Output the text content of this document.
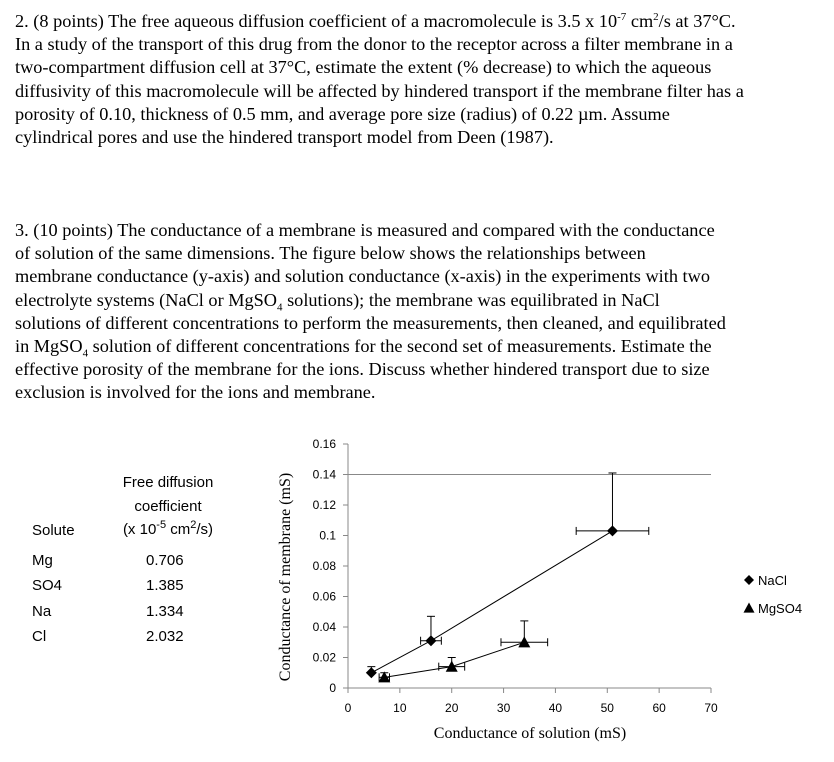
2. (8 points) The free aqueous diffusion coefficient of a macromolecule is 3.5 x $10^{-7}$ $cm^2/s$ at 37°C.

In a study of the transport of this drug from the donor to the receptor across a filter membrane in a

two-compartment diffusion cell at 37°C, estimate the extent (% decrease) to which the aqueous

diffusivity of this macromolecule will be affected by hindered transport if the membrane filter has a

porosity of 0.10, thickness of 0.5 mm, and average pore size (radius) of 0.22 µm. Assume

cylindrical pores and use the hindered transport model from Deen (1987).

3. (10 points) The conductance of a membrane is measured and compared with the conductance

of solution of the same dimensions. The figure below shows the relationships between

membrane conductance (y-axis) and solution conductance (x-axis) in the experiments with two

electrolyte systems (NaCl or MgSO$_4$ solutions); the membrane was equilibrated in NaCl

solutions of different concentrations to perform the measurements, then cleaned, and equilibrated

in MgSO$_4$ solution of different concentrations for the second set of measurements. Estimate the

effective porosity of the membrane for the ions. Discuss whether hindered transport due to size

exclusion is involved for the ions and membrane.

Free diffusion
coefficient
(x $10^{-5}$ $cm^2/s$)
Solute
Mg	0.706
SO4	1.385
Na	1.334
Cl	2.032
0
0.02
0.04
0.06
0.08
0.1
0.12
0.14
0.16
0	10	20	30	40	50	60	70
NaCl
MgSO4
Conductance of solution (mS)
Conductance of membrane (mS)
